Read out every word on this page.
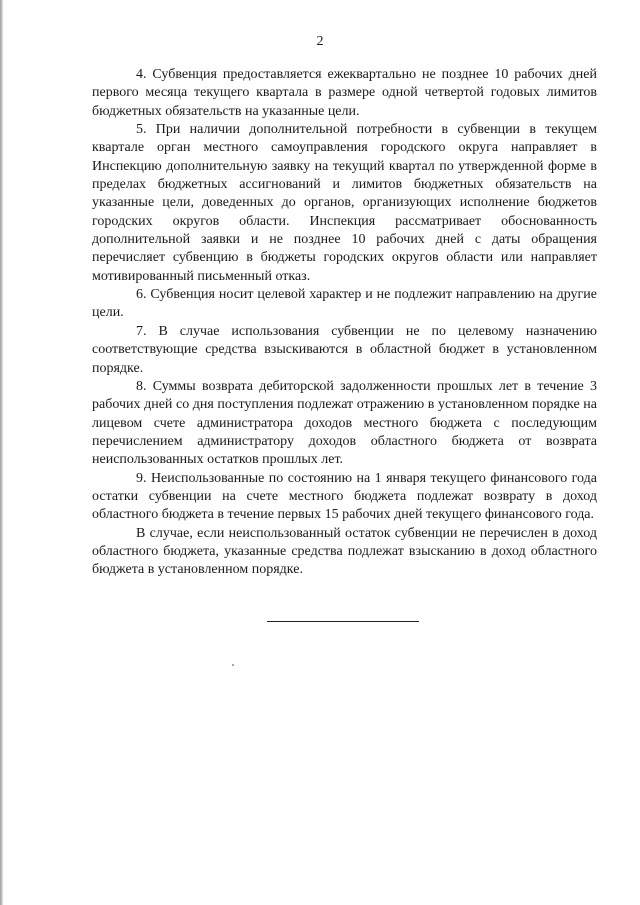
2

4. Субвенция предоставляется ежеквартально не позднее 10 рабочих дней первого месяца текущего квартала в размере одной четвертой годовых лимитов бюджетных обязательств на указанные цели.

5. При наличии дополнительной потребности в субвенции в текущем квартале орган местного самоуправления городского округа направляет в Инспекцию дополнительную заявку на текущий квартал по утвержденной форме в пределах бюджетных ассигнований и лимитов бюджетных обязательств на указанные цели, доведенных до органов, организующих исполнение бюджетов городских округов области. Инспекция рассматривает обоснованность дополнительной заявки и не позднее 10 рабочих дней с даты обращения перечисляет субвенцию в бюджеты городских округов области или направляет мотивированный письменный отказ.

6. Субвенция носит целевой характер и не подлежит направлению на другие цели.

7. В случае использования субвенции не по целевому назначению соответствующие средства взыскиваются в областной бюджет в установленном порядке.

8. Суммы возврата дебиторской задолженности прошлых лет в течение 3 рабочих дней со дня поступления подлежат отражению в установленном порядке на лицевом счете администратора доходов местного бюджета с последующим перечислением администратору доходов областного бюджета от возврата неиспользованных остатков прошлых лет.

9. Неиспользованные по состоянию на 1 января текущего финансового года остатки субвенции на счете местного бюджета подлежат возврату в доход областного бюджета в течение первых 15 рабочих дней текущего финансового года.

В случае, если неиспользованный остаток субвенции не перечислен в доход областного бюджета, указанные средства подлежат взысканию в доход областного бюджета в установленном порядке.
